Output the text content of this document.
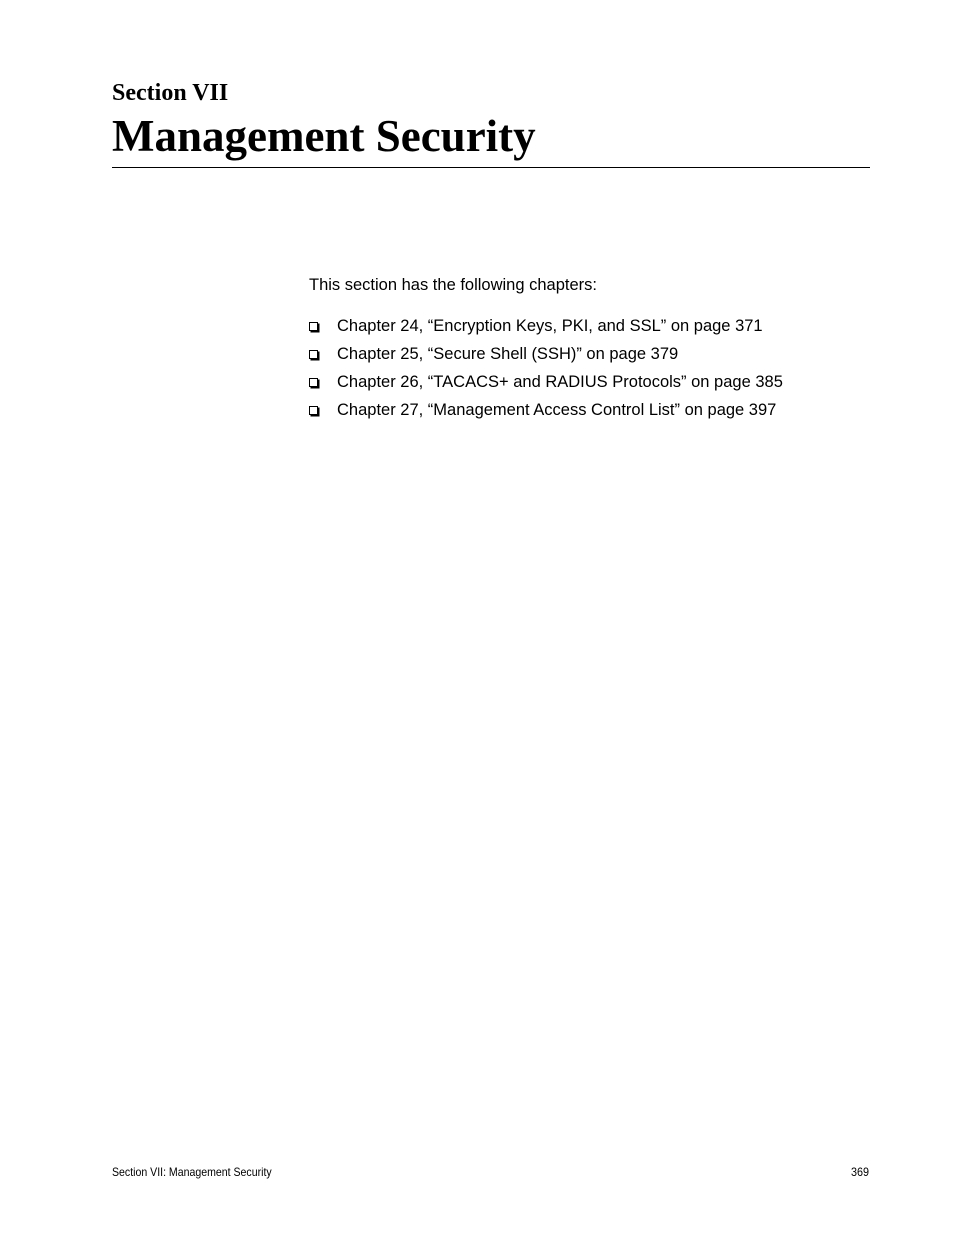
Section VII
Management Security

This section has the following chapters:

Chapter 24, “Encryption Keys, PKI, and SSL” on page 371
Chapter 25, “Secure Shell (SSH)” on page 379
Chapter 26, “TACACS+ and RADIUS Protocols” on page 385
Chapter 27, “Management Access Control List” on page 397
Section VII: Management Security	369
